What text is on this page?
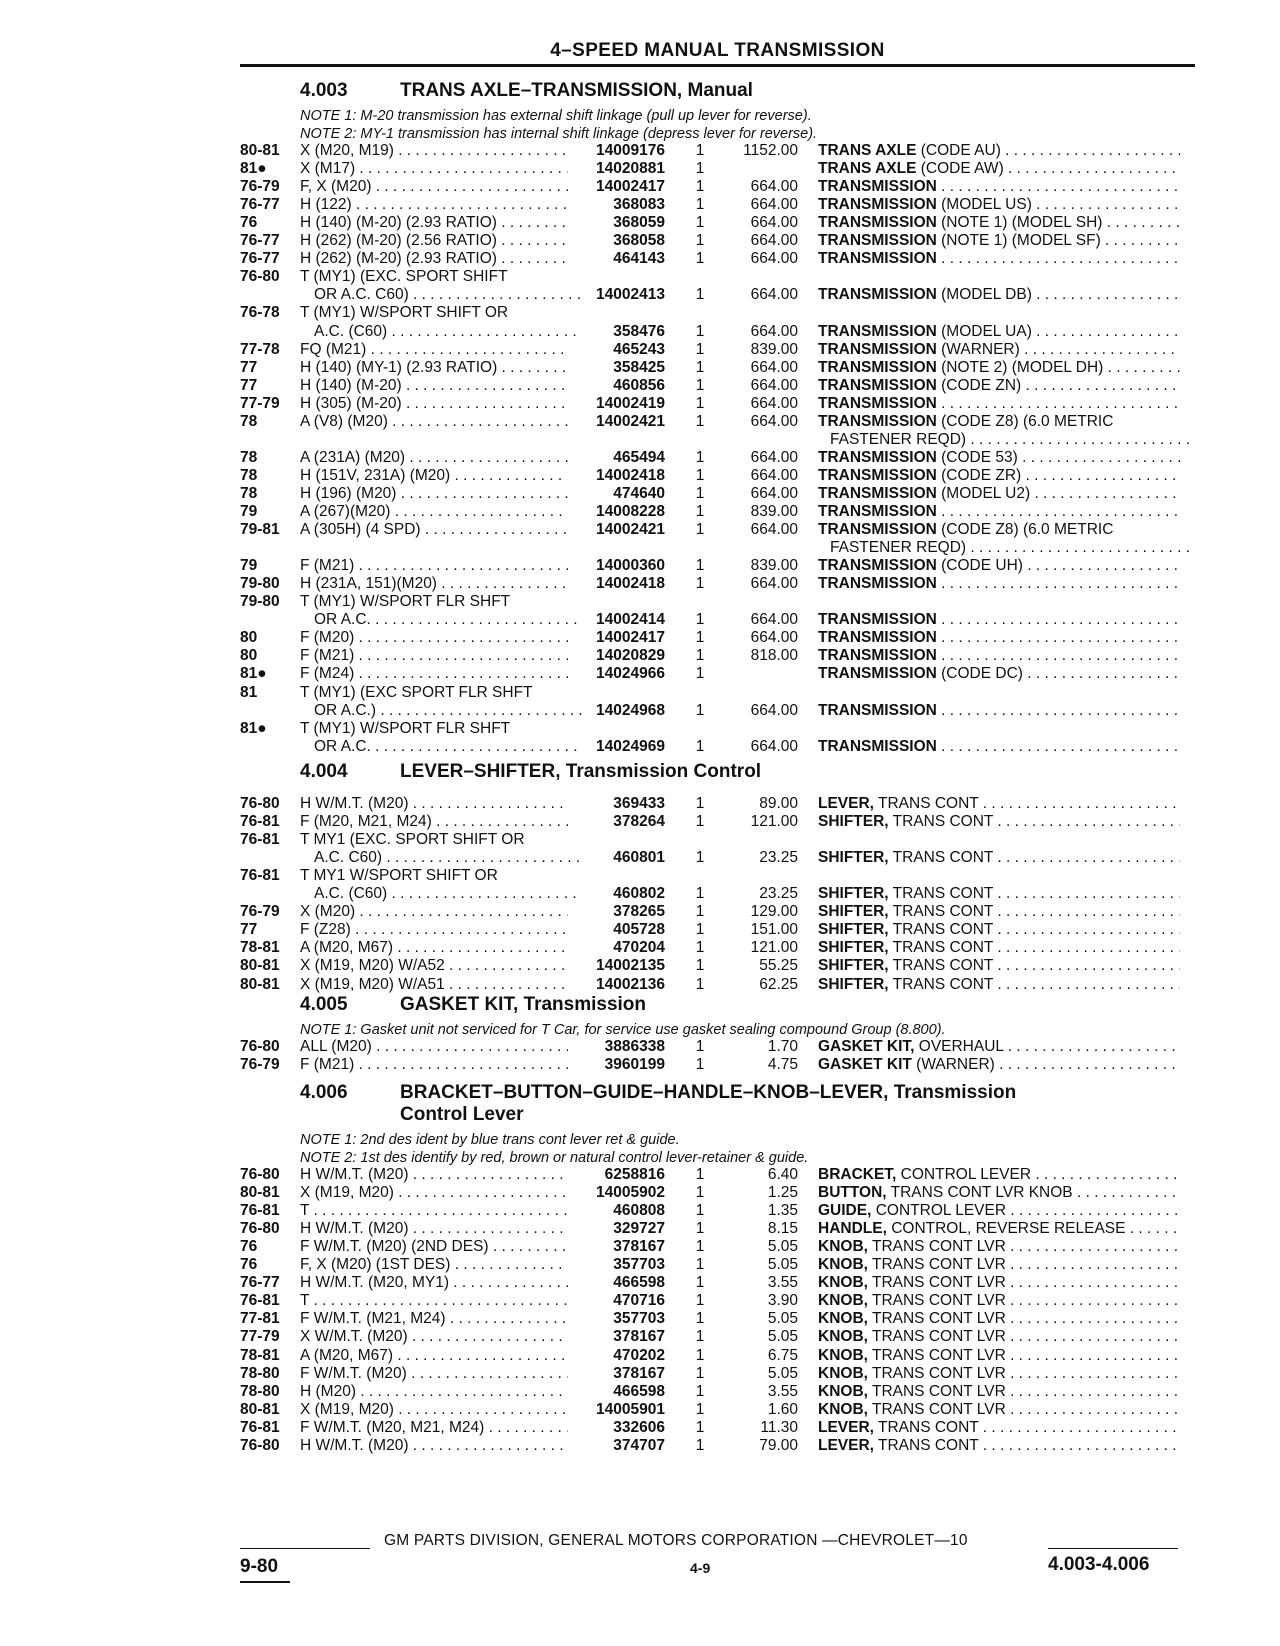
4–SPEED MANUAL TRANSMISSION
4.003	TRANS AXLE–TRANSMISSION, Manual
NOTE 1: M-20 transmission has external shift linkage (pull up lever for reverse).
NOTE 2: MY-1 transmission has internal shift linkage (depress lever for reverse).
80-81	X (M20, M19) . . .	14009176 1	1152.00 TRANS AXLE (CODE AU) . . .
81●	X (M17) . . .	14020881 1	TRANS AXLE (CODE AW) . . .
76-79	F, X (M20) . . .	14002417 1	664.00 TRANSMISSION . . .
76-77	H (122) . . .	368083 1	664.00 TRANSMISSION (MODEL US) . . .
76	H (140) (M-20) (2.93 RATIO) . . .	368059 1	664.00 TRANSMISSION (NOTE 1) (MODEL SH) . . .
76-77	H (262) (M-20) (2.56 RATIO) . . .	368058 1	664.00 TRANSMISSION (NOTE 1) (MODEL SF) . . .
76-77	H (262) (M-20) (2.93 RATIO) . . .	464143 1	664.00 TRANSMISSION . . .
76-80	T (MY1) (EXC. SPORT SHIFT
OR A.C. C60) . . .	14002413 1	664.00 TRANSMISSION (MODEL DB) . . .
76-78	T (MY1) W/SPORT SHIFT OR
A.C. (C60) . . .	358476 1	664.00 TRANSMISSION (MODEL UA) . . .
77-78	FQ (M21) . . .	465243 1	839.00 TRANSMISSION (WARNER) . . .
77	H (140) (MY-1) (2.93 RATIO) . . .	358425 1	664.00 TRANSMISSION (NOTE 2) (MODEL DH) . . .
77	H (140) (M-20) . . .	460856 1	664.00 TRANSMISSION (CODE ZN) . . .
77-79	H (305) (M-20) . . .	14002419 1	664.00 TRANSMISSION . . .
78	A (V8) (M20) . . .	14002421 1	664.00 TRANSMISSION (CODE Z8) (6.0 METRIC
FASTENER REQD) . . .
78	A (231A) (M20) . . .	465494 1	664.00 TRANSMISSION (CODE 53) . . .
78	H (151V, 231A) (M20) . . .	14002418 1	664.00 TRANSMISSION (CODE ZR) . . .
78	H (196) (M20) . . .	474640 1	664.00 TRANSMISSION (MODEL U2) . . .
79	A (267)(M20) . . .	14008228 1	839.00 TRANSMISSION . . .
79-81	A (305H) (4 SPD) . . .	14002421 1	664.00 TRANSMISSION (CODE Z8) (6.0 METRIC
FASTENER REQD) . . .
79	F (M21) . . .	14000360 1	839.00 TRANSMISSION (CODE UH) . . .
79-80	H (231A, 151)(M20) . . .	14002418 1	664.00 TRANSMISSION . . .
79-80	T (MY1) W/SPORT FLR SHFT
OR A.C. . . .	14002414 1	664.00 TRANSMISSION . . .
80	F (M20) . . .	14002417 1	664.00 TRANSMISSION . . .
80	F (M21) . . .	14020829 1	818.00 TRANSMISSION . . .
81●	F (M24) . . .	14024966 1	TRANSMISSION (CODE DC) . . .
81	T (MY1) (EXC SPORT FLR SHFT
OR A.C.) . . .	14024968 1	664.00 TRANSMISSION . . .
81●	T (MY1) W/SPORT FLR SHFT
OR A.C. . . .	14024969 1	664.00 TRANSMISSION . . .
4.004	LEVER–SHIFTER, Transmission Control
76-80	H W/M.T. (M20) . . .	369433 1	89.00 LEVER, TRANS CONT . . .
76-81	F (M20, M21, M24) . . .	378264 1	121.00 SHIFTER, TRANS CONT . . .
76-81	T MY1 (EXC. SPORT SHIFT OR
A.C. C60) . . .	460801 1	23.25 SHIFTER, TRANS CONT . . .
76-81	T MY1 W/SPORT SHIFT OR
A.C. (C60) . . .	460802 1	23.25 SHIFTER, TRANS CONT . . .
76-79	X (M20) . . .	378265 1	129.00 SHIFTER, TRANS CONT . . .
77	F (Z28) . . .	405728 1	151.00 SHIFTER, TRANS CONT . . .
78-81	A (M20, M67) . . .	470204 1	121.00 SHIFTER, TRANS CONT . . .
80-81	X (M19, M20) W/A52 . . .	14002135 1	55.25 SHIFTER, TRANS CONT . . .
80-81	X (M19, M20) W/A51 . . .	14002136 1	62.25 SHIFTER, TRANS CONT . . .
4.005	GASKET KIT, Transmission
NOTE 1: Gasket unit not serviced for T Car, for service use gasket sealing compound Group (8.800).
76-80	ALL (M20) . . .	3886338 1	1.70 GASKET KIT, OVERHAUL . . .
76-79	F (M21) . . .	3960199 1	4.75 GASKET KIT (WARNER) . . .
4.006	BRACKET–BUTTON–GUIDE–HANDLE–KNOB–LEVER, Transmission
Control Lever
NOTE 1: 2nd des ident by blue trans cont lever ret & guide.
NOTE 2: 1st des identify by red, brown or natural control lever-retainer & guide.
76-80	H W/M.T. (M20) . . .	6258816 1	6.40 BRACKET, CONTROL LEVER . . .
80-81	X (M19, M20) . . .	14005902 1	1.25 BUTTON, TRANS CONT LVR KNOB . . .
76-81	T . . .	460808 1	1.35 GUIDE, CONTROL LEVER . . .
76-80	H W/M.T. (M20) . . .	329727 1	8.15 HANDLE, CONTROL, REVERSE RELEASE . . .
76	F W/M.T. (M20) (2ND DES) . . .	378167 1	5.05 KNOB, TRANS CONT LVR . . .
76	F, X (M20) (1ST DES) . . .	357703 1	5.05 KNOB, TRANS CONT LVR . . .
76-77	H W/M.T. (M20, MY1) . . .	466598 1	3.55 KNOB, TRANS CONT LVR . . .
76-81	T . . .	470716 1	3.90 KNOB, TRANS CONT LVR . . .
77-81	F W/M.T. (M21, M24) . . .	357703 1	5.05 KNOB, TRANS CONT LVR . . .
77-79	X W/M.T. (M20) . . .	378167 1	5.05 KNOB, TRANS CONT LVR . . .
78-81	A (M20, M67) . . .	470202 1	6.75 KNOB, TRANS CONT LVR . . .
78-80	F W/M.T. (M20) . . .	378167 1	5.05 KNOB, TRANS CONT LVR . . .
78-80	H (M20) . . .	466598 1	3.55 KNOB, TRANS CONT LVR . . .
80-81	X (M19, M20) . . .	14005901 1	1.60 KNOB, TRANS CONT LVR . . .
76-81	F W/M.T. (M20, M21, M24) . . .	332606 1	11.30 LEVER, TRANS CONT . . .
76-80	H W/M.T. (M20) . . .	374707 1	79.00 LEVER, TRANS CONT . . .
GM PARTS DIVISION, GENERAL MOTORS CORPORATION —CHEVROLET—10
9-80	4-9	4.003-4.006
